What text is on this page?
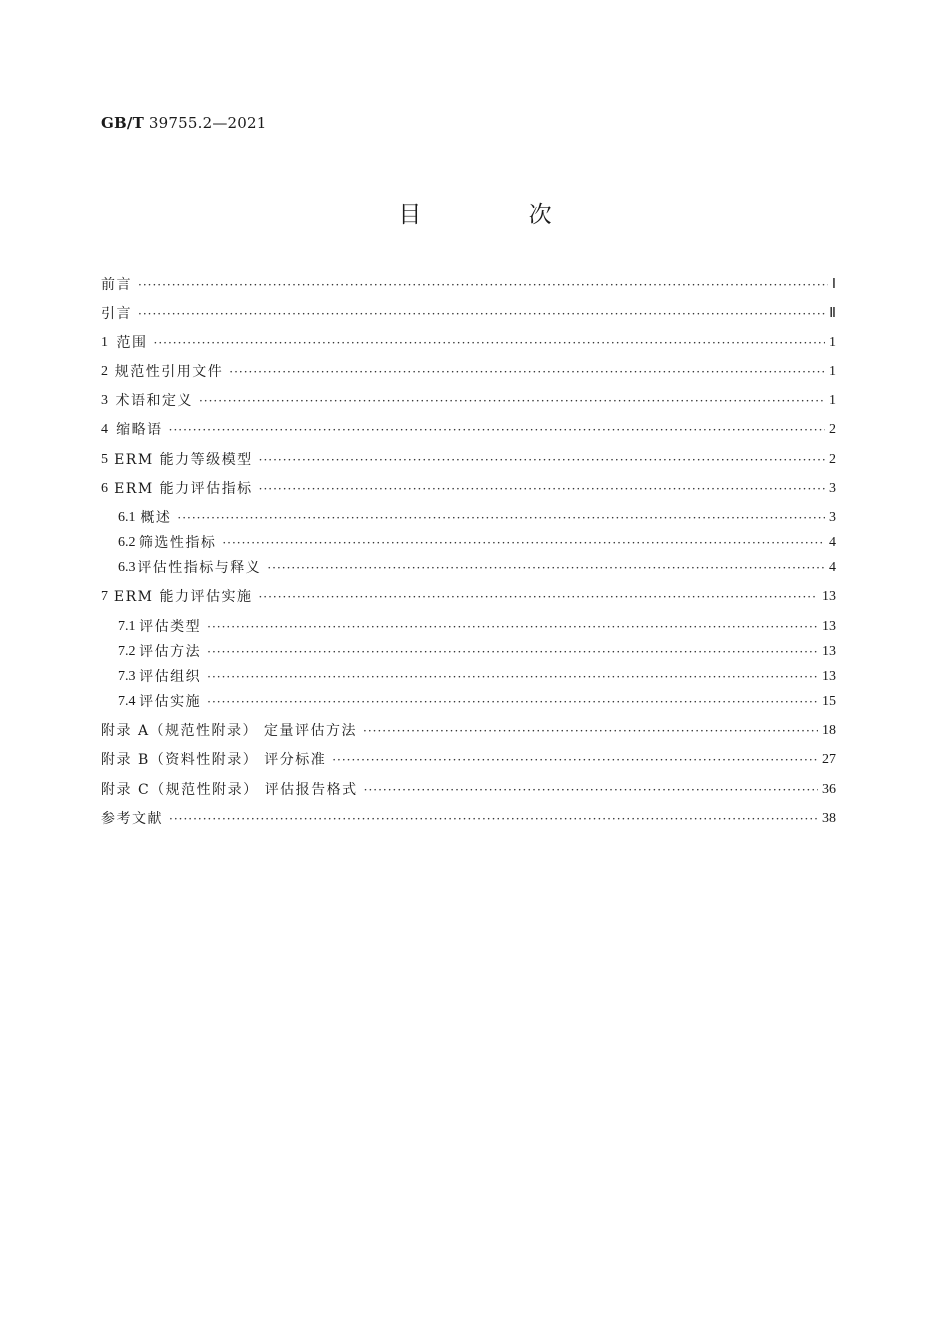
GB/T 39755.2—2021
目 次
前言 ·····	Ⅰ
引言 ·····	Ⅱ
1 范围 ·····	1
2 规范性引用文件 ·····	1
3 术语和定义 ·····	1
4 缩略语 ·····	2
5 ERM 能力等级模型 ·····	2
6 ERM 能力评估指标 ·····	3
6.1 概述 ·····	3
6.2 筛选性指标 ·····	4
6.3 评估性指标与释义 ·····	4
7 ERM 能力评估实施 ·····	13
7.1 评估类型 ·····	13
7.2 评估方法 ·····	13
7.3 评估组织 ·····	13
7.4 评估实施 ·····	15
附录 A（规范性附录） 定量评估方法 ·····	18
附录 B（资料性附录） 评分标准 ·····	27
附录 C（规范性附录） 评估报告格式 ·····	36
参考文献 ·····	38
